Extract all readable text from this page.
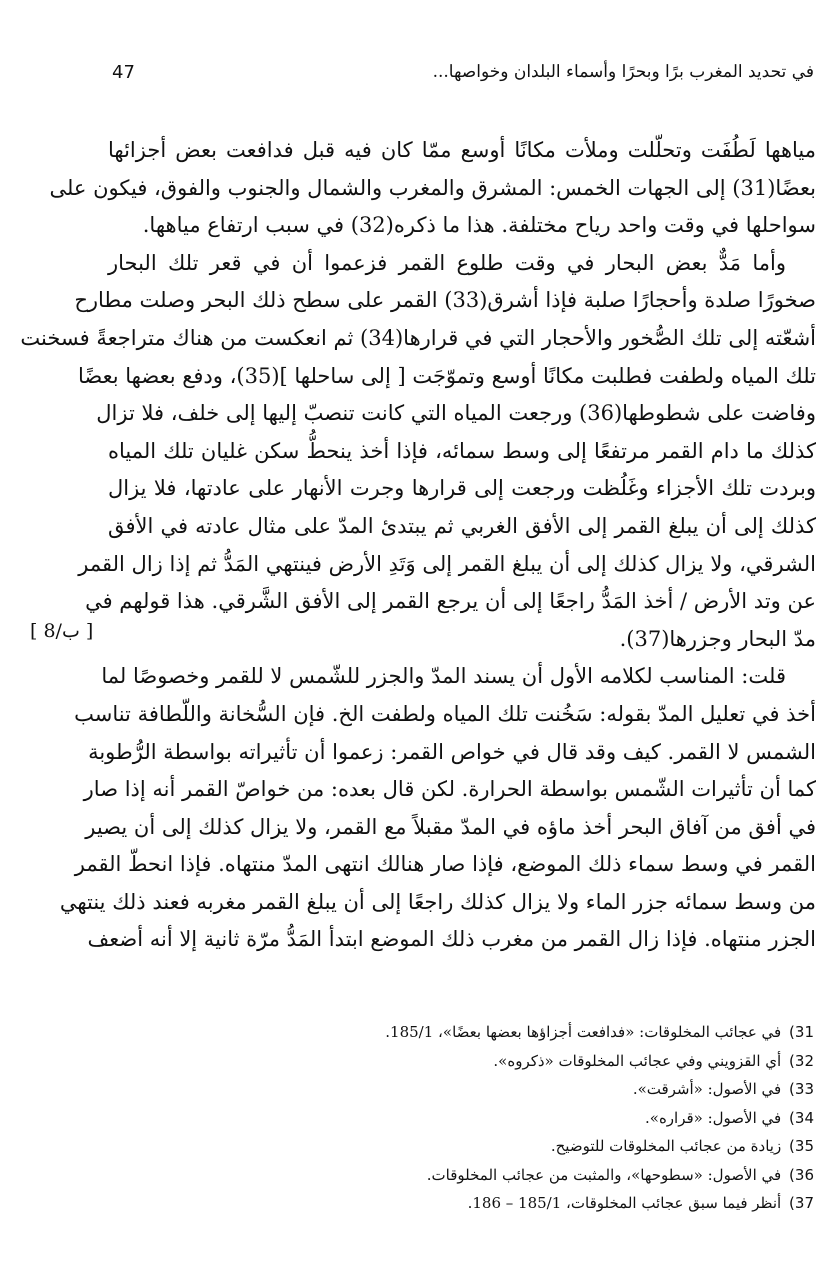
في تحديد المغرب برًا وبحرًا وأسماء البلدان وخواصها...
47
مياهها لَطُفَت وتحلّلت وملأت مكانًا أوسع ممّا كان فيه قبل فدافعت بعض أجزائها
بعضًا(31) إلى الجهات الخمس: المشرق والمغرب والشمال والجنوب والفوق، فيكون على
سواحلها في وقت واحد رياح مختلفة. هذا ما ذكره(32) في سبب ارتفاع مياهها.
وأما مَدٌّ بعض البحار في وقت طلوع القمر فزعموا أن في قعر تلك البحار
صخورًا صلدة وأحجارًا صلبة فإذا أشرق(33) القمر على سطح ذلك البحر وصلت مطارح
أشعّته إلى تلك الصُّخور والأحجار التي في قرارها(34) ثم انعكست من هناك متراجعةً فسخنت
تلك المياه ولطفت فطلبت مكانًا أوسع وتموّجَت [ إلى ساحلها ](35)، ودفع بعضها بعضًا
وفاضت على شطوطها(36) ورجعت المياه التي كانت تنصبّ إليها إلى خلف، فلا تزال
كذلك ما دام القمر مرتفعًا إلى وسط سمائه، فإذا أخذ ينحطُّ سكن غليان تلك المياه
وبردت تلك الأجزاء وغَلُظت ورجعت إلى قرارها وجرت الأنهار على عادتها، فلا يزال
كذلك إلى أن يبلغ القمر إلى الأفق الغربي ثم يبتدئ المدّ على مثال عادته في الأفق
الشرقي، ولا يزال كذلك إلى أن يبلغ القمر إلى وَتَدِ الأرض فينتهي المَدُّ ثم إذا زال القمر
عن وتد الأرض / أخذ المَدُّ راجعًا إلى أن يرجع القمر إلى الأفق الشَّرقي. هذا قولهم في
مدّ البحار وجزرها(37).
قلت: المناسب لكلامه الأول أن يسند المدّ والجزر للشّمس لا للقمر وخصوصًا لما
أخذ في تعليل المدّ بقوله: سَخُنت تلك المياه ولطفت الخ. فإن السُّخانة واللّطافة تناسب
الشمس لا القمر. كيف وقد قال في خواص القمر: زعموا أن تأثيراته بواسطة الرُّطوبة
كما أن تأثيرات الشّمس بواسطة الحرارة. لكن قال بعده: من خواصّ القمر أنه إذا صار
في أفق من آفاق البحر أخذ ماؤه في المدّ مقبلاً مع القمر، ولا يزال كذلك إلى أن يصير
القمر في وسط سماء ذلك الموضع، فإذا صار هنالك انتهى المدّ منتهاه. فإذا انحطّ القمر
من وسط سمائه جزر الماء ولا يزال كذلك راجعًا إلى أن يبلغ القمر مغربه فعند ذلك ينتهي
الجزر منتهاه. فإذا زال القمر من مغرب ذلك الموضع ابتدأ المَدُّ مرّة ثانية إلا أنه أضعف
[ 8/ب ]
31) في عجائب المخلوقات: «فدافعت أجزاؤها بعضها بعضًا»، 185/1.
32) أي القزويني وفي عجائب المخلوقات «ذكروه».
33) في الأصول: «أشرقت».
34) في الأصول: «قراره».
35) زيادة من عجائب المخلوقات للتوضيح.
36) في الأصول: «سطوحها»، والمثبت من عجائب المخلوقات.
37) أنظر فيما سبق عجائب المخلوقات، 185/1 – 186.
